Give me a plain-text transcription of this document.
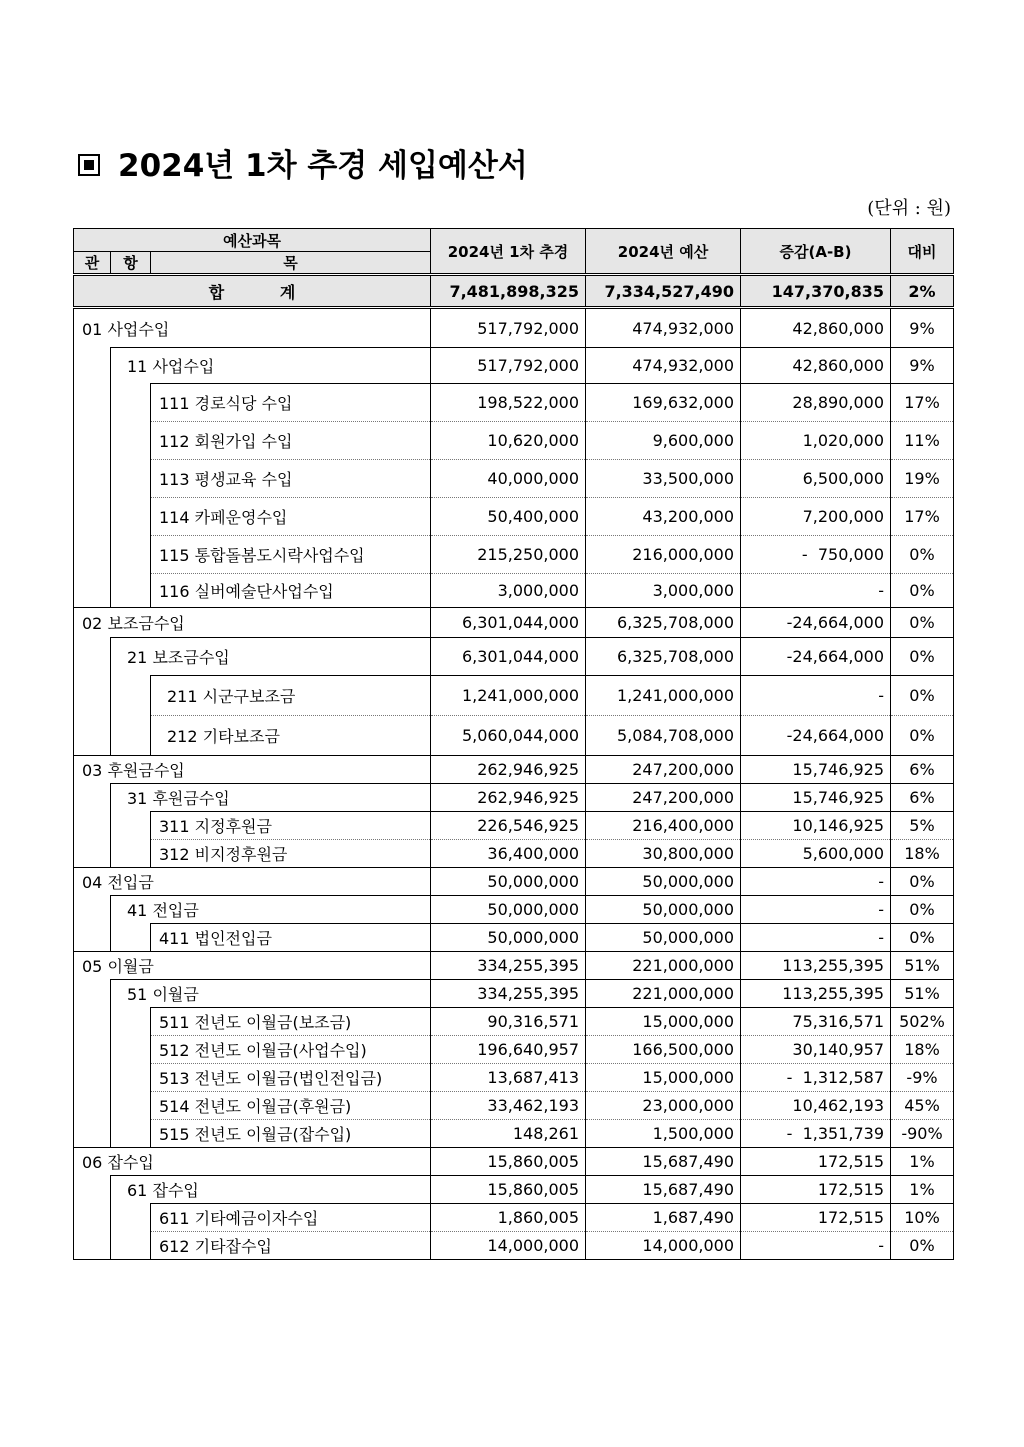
2024년 1차 추경 세입예산서
(단위 : 원)
예산과목			2024년 1차 추경	2024년 예산	증감(A-B)	대비
관	항	목				
합          계			7,481,898,325	7,334,527,490	147,370,835	2%
01 사업수입			517,792,000	474,932,000	42,860,000	9%
	11 사업수입		517,792,000	474,932,000	42,860,000	9%
		111 경로식당 수입	198,522,000	169,632,000	28,890,000	17%
		112 회원가입 수입	10,620,000	9,600,000	1,020,000	11%
		113 평생교육 수입	40,000,000	33,500,000	6,500,000	19%
		114 카페운영수입	50,400,000	43,200,000	7,200,000	17%
		115 통합돌봄도시락사업수입	215,250,000	216,000,000	-  750,000	0%
		116 실버예술단사업수입	3,000,000	3,000,000	-	0%
02 보조금수입			6,301,044,000	6,325,708,000	-24,664,000	0%
	21 보조금수입		6,301,044,000	6,325,708,000	-24,664,000	0%
		211 시군구보조금	1,241,000,000	1,241,000,000	-	0%
		212 기타보조금	5,060,044,000	5,084,708,000	-24,664,000	0%
03 후원금수입			262,946,925	247,200,000	15,746,925	6%
	31 후원금수입		262,946,925	247,200,000	15,746,925	6%
		311 지정후원금	226,546,925	216,400,000	10,146,925	5%
		312 비지정후원금	36,400,000	30,800,000	5,600,000	18%
04 전입금			50,000,000	50,000,000	-	0%
	41 전입금		50,000,000	50,000,000	-	0%
		411 법인전입금	50,000,000	50,000,000	-	0%
05 이월금			334,255,395	221,000,000	113,255,395	51%
	51 이월금		334,255,395	221,000,000	113,255,395	51%
		511 전년도 이월금(보조금)	90,316,571	15,000,000	75,316,571	502%
		512 전년도 이월금(사업수입)	196,640,957	166,500,000	30,140,957	18%
		513 전년도 이월금(법인전입금)	13,687,413	15,000,000	-  1,312,587	-9%
		514 전년도 이월금(후원금)	33,462,193	23,000,000	10,462,193	45%
		515 전년도 이월금(잡수입)	148,261	1,500,000	-  1,351,739	-90%
06 잡수입			15,860,005	15,687,490	172,515	1%
	61 잡수입		15,860,005	15,687,490	172,515	1%
		611 기타예금이자수입	1,860,005	1,687,490	172,515	10%
		612 기타잡수입	14,000,000	14,000,000	-	0%
